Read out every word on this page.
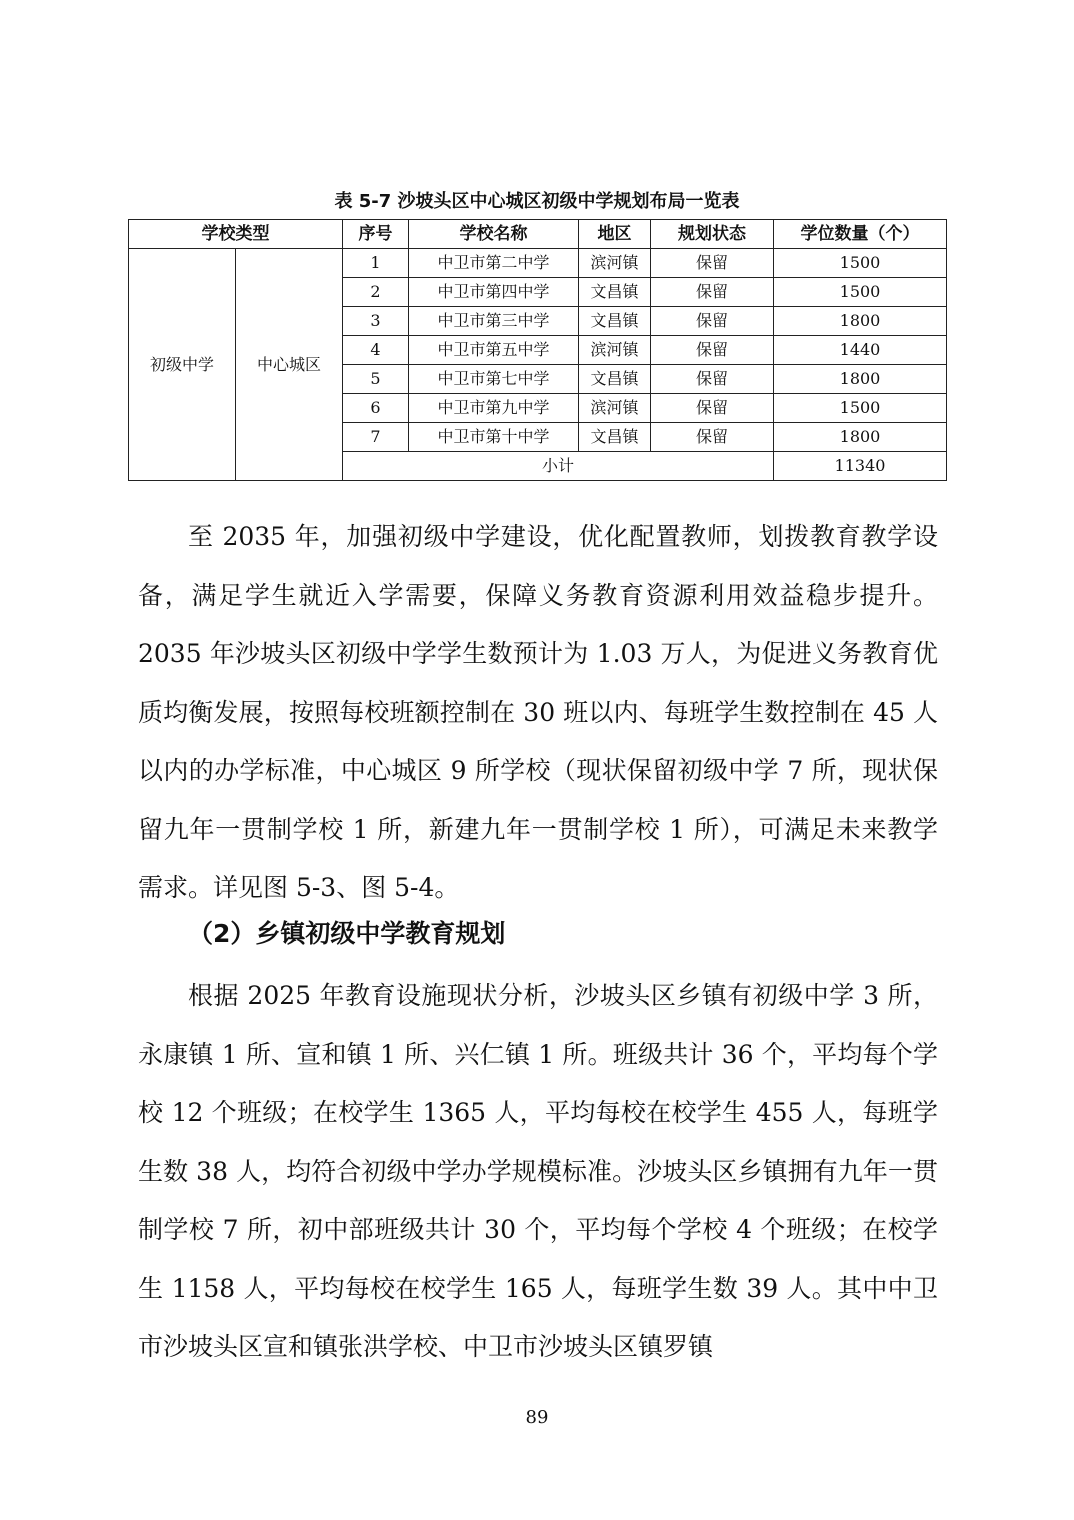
表 5-7 沙坡头区中心城区初级中学规划布局一览表
学校类型		序号	学校名称	地区	规划状态	学位数量（个）
初级中学	中心城区	1	中卫市第二中学	滨河镇	保留	1500
		2	中卫市第四中学	文昌镇	保留	1500
		3	中卫市第三中学	文昌镇	保留	1800
		4	中卫市第五中学	滨河镇	保留	1440
		5	中卫市第七中学	文昌镇	保留	1800
		6	中卫市第九中学	滨河镇	保留	1500
		7	中卫市第十中学	文昌镇	保留	1800
		小计				11340

至 2035 年，加强初级中学建设，优化配置教师，划拨教育教学设备，满足学生就近入学需要，保障义务教育资源利用效益稳步提升。2035 年沙坡头区初级中学学生数预计为 1.03 万人，为促进义务教育优质均衡发展，按照每校班额控制在 30 班以内、每班学生数控制在 45 人以内的办学标准，中心城区 9 所学校（现状保留初级中学 7 所，现状保留九年一贯制学校 1 所，新建九年一贯制学校 1 所），可满足未来教学需求。详见图 5-3、图 5-4。

（2）乡镇初级中学教育规划

根据 2025 年教育设施现状分析，沙坡头区乡镇有初级中学 3 所，永康镇 1 所、宣和镇 1 所、兴仁镇 1 所。班级共计 36 个，平均每个学校 12 个班级；在校学生 1365 人，平均每校在校学生 455 人，每班学生数 38 人，均符合初级中学办学规模标准。沙坡头区乡镇拥有九年一贯制学校 7 所，初中部班级共计 30 个，平均每个学校 4 个班级；在校学生 1158 人，平均每校在校学生 165 人，每班学生数 39 人。其中中卫市沙坡头区宣和镇张洪学校、中卫市沙坡头区镇罗镇

89
